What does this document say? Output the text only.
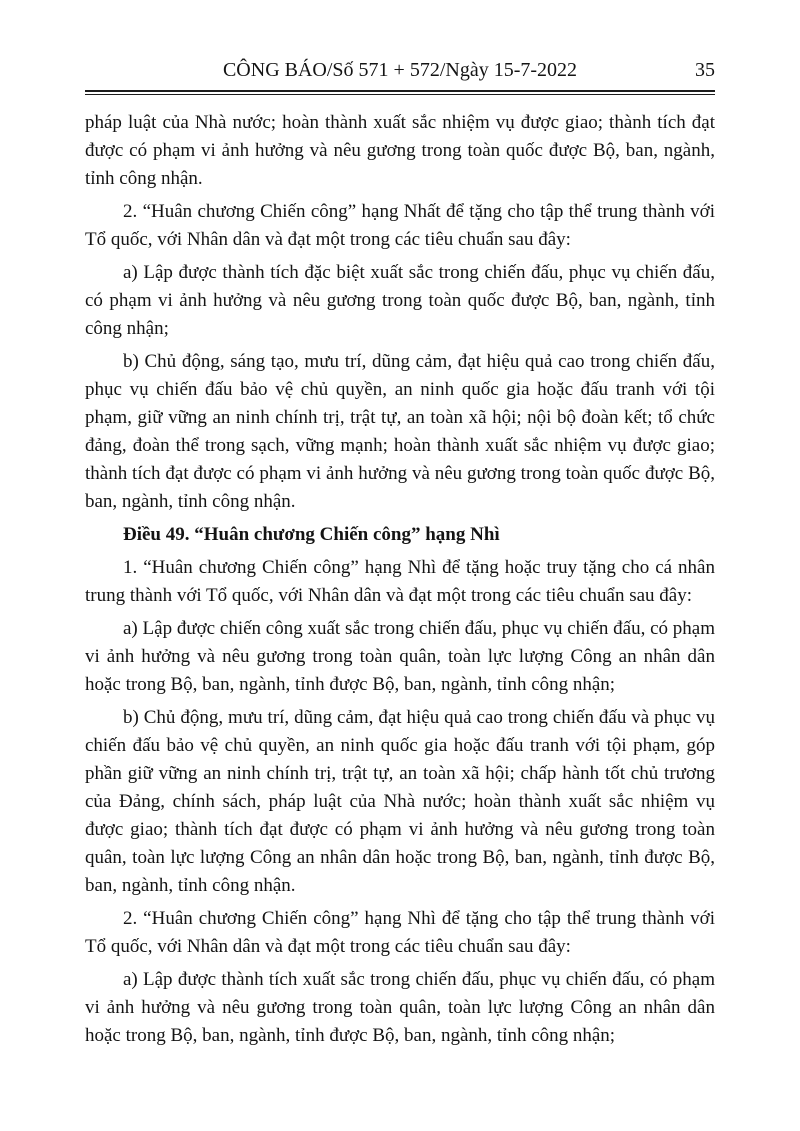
CÔNG BÁO/Số 571 + 572/Ngày 15-7-2022	35

pháp luật của Nhà nước; hoàn thành xuất sắc nhiệm vụ được giao; thành tích đạt được có phạm vi ảnh hưởng và nêu gương trong toàn quốc được Bộ, ban, ngành, tỉnh công nhận.

2. “Huân chương Chiến công” hạng Nhất để tặng cho tập thể trung thành với Tổ quốc, với Nhân dân và đạt một trong các tiêu chuẩn sau đây:

a) Lập được thành tích đặc biệt xuất sắc trong chiến đấu, phục vụ chiến đấu, có phạm vi ảnh hưởng và nêu gương trong toàn quốc được Bộ, ban, ngành, tỉnh công nhận;

b) Chủ động, sáng tạo, mưu trí, dũng cảm, đạt hiệu quả cao trong chiến đấu, phục vụ chiến đấu bảo vệ chủ quyền, an ninh quốc gia hoặc đấu tranh với tội phạm, giữ vững an ninh chính trị, trật tự, an toàn xã hội; nội bộ đoàn kết; tổ chức đảng, đoàn thể trong sạch, vững mạnh; hoàn thành xuất sắc nhiệm vụ được giao; thành tích đạt được có phạm vi ảnh hưởng và nêu gương trong toàn quốc được Bộ, ban, ngành, tỉnh công nhận.

Điều 49. “Huân chương Chiến công” hạng Nhì

1. “Huân chương Chiến công” hạng Nhì để tặng hoặc truy tặng cho cá nhân trung thành với Tổ quốc, với Nhân dân và đạt một trong các tiêu chuẩn sau đây:

a) Lập được chiến công xuất sắc trong chiến đấu, phục vụ chiến đấu, có phạm vi ảnh hưởng và nêu gương trong toàn quân, toàn lực lượng Công an nhân dân hoặc trong Bộ, ban, ngành, tỉnh được Bộ, ban, ngành, tỉnh công nhận;

b) Chủ động, mưu trí, dũng cảm, đạt hiệu quả cao trong chiến đấu và phục vụ chiến đấu bảo vệ chủ quyền, an ninh quốc gia hoặc đấu tranh với tội phạm, góp phần giữ vững an ninh chính trị, trật tự, an toàn xã hội; chấp hành tốt chủ trương của Đảng, chính sách, pháp luật của Nhà nước; hoàn thành xuất sắc nhiệm vụ được giao; thành tích đạt được có phạm vi ảnh hưởng và nêu gương trong toàn quân, toàn lực lượng Công an nhân dân hoặc trong Bộ, ban, ngành, tỉnh được Bộ, ban, ngành, tỉnh công nhận.

2. “Huân chương Chiến công” hạng Nhì để tặng cho tập thể trung thành với Tổ quốc, với Nhân dân và đạt một trong các tiêu chuẩn sau đây:

a) Lập được thành tích xuất sắc trong chiến đấu, phục vụ chiến đấu, có phạm vi ảnh hưởng và nêu gương trong toàn quân, toàn lực lượng Công an nhân dân hoặc trong Bộ, ban, ngành, tỉnh được Bộ, ban, ngành, tỉnh công nhận;
